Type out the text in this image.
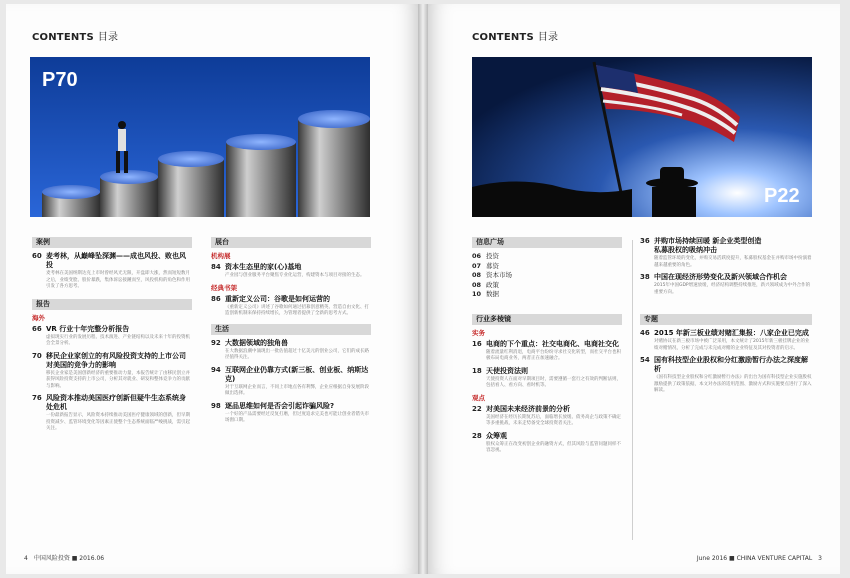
CONTENTS 目录
P70
案例
60 麦考林，从巅峰坠深渊——成也风投、败也风投
麦考林在美国纳斯达克上市时曾经风光无限，开盘即大涨，然而短短数月之后，业绩变脸、股价暴跌，集体诉讼接踵而至，风投机构的角色和作用引发了各方思考。
报告
海外
66 VR 行业十年完整分析报告
虚拟现实行业的发展历程、技术演进、产业链结构以及未来十年的投资机会全景分析。
70 移民企业家创立的有风险投资支持的上市公司对美国的竞争力的影响
移民企业家是美国创新经济的重要推动力量，本报告统计了由移民创立并获得风险投资支持的上市公司，分析其对就业、研发和整体竞争力的贡献与影响。
76 风险资本推动美国医疗创新但疑牛生态系统身处危机
一份最新报告显示，风险资本持续推动美国医疗健康领域的创新，但早期投资减少、监管环境变化等因素正使整个生态系统面临严峻挑战，需引起关注。
展台
机构展
84 资本生态里的家(心)基地
产业园与创业服务平台聚焦专业化运营，构建资本与项目对接的生态。
经典书架
86 重新定义公司：谷歌是如何运营的
《重新定义公司》讲述了谷歌如何通过招募创意精英、营造自由文化、打造创新机制来保持持续增长，为管理者提供了全新的思考方式。
生活
92 大数据领域的独角兽
在大数据浪潮中涌现出一批估值超过十亿美元的创业公司，它们的成长路径值得关注。
94 互联网企业仍靠方式(新三板、创业板、纳斯达克)
对于互联网企业而言，不同上市地点各有利弊，企业应根据自身发展阶段做出选择。
98 逐品思维如何是否会引起诈骗风险?
一个好的产品需要经过反复打磨，但过度追求完美也可能让创业者错失市场窗口期。
4　中国风险投资 ■ 2016.06
CONTENTS 目录
P22
信息广场
06 投资
07 募资
08 资本市场
08 政策
10 数据
行业多棱镜
实务
16 电商的下个重点：社交电商化、电商社交化
随着流量红利消退，电商平台纷纷寻求社交化转型，而社交平台也积极布局电商业务，两者正在加速融合。
18 天使投资法则
天使投资人在面对早期项目时，需要遵循一套行之有效的判断法则，包括看人、看方向、看时机等。
观点
22 对美国未来经济前景的分析
美国经济在经历长期复苏后，面临增长放缓、债务高企与政策不确定等多重挑战，未来走势备受全球投资者关注。
28 众筹观
股权众筹正在改变初创企业的融资方式，但其风险与监管问题同样不容忽视。
36 并购市场持续回暖 新企业类型创造
私募股权的吸纳冲击
随着监管环境的变化，并购交易活跃度提升，私募股权基金在并购市场中扮演着越来越重要的角色。
38 中国在现经济形势变化及新兴领域合作机会
2015年中国GDP增速放缓，经济结构调整持续推进，新兴领域成为中外合作的重要方向。
专题
46 2015 年新三板业绩对赌汇集报：八家企业已完成
对赌协议在新三板市场中被广泛采用，本文统计了2015年新三板挂牌企业的业绩对赌情况，分析了完成与未完成对赌的企业特征及其对投资者的启示。
54 国有科技型企业股权和分红激励暂行办法之深度解析
《国有科技型企业股权和分红激励暂行办法》的出台为国有科技型企业实施股权激励提供了政策依据，本文对办法的适用范围、激励方式和实施要点进行了深入解读。
June 2016 ■ CHINA VENTURE CAPITAL　3
